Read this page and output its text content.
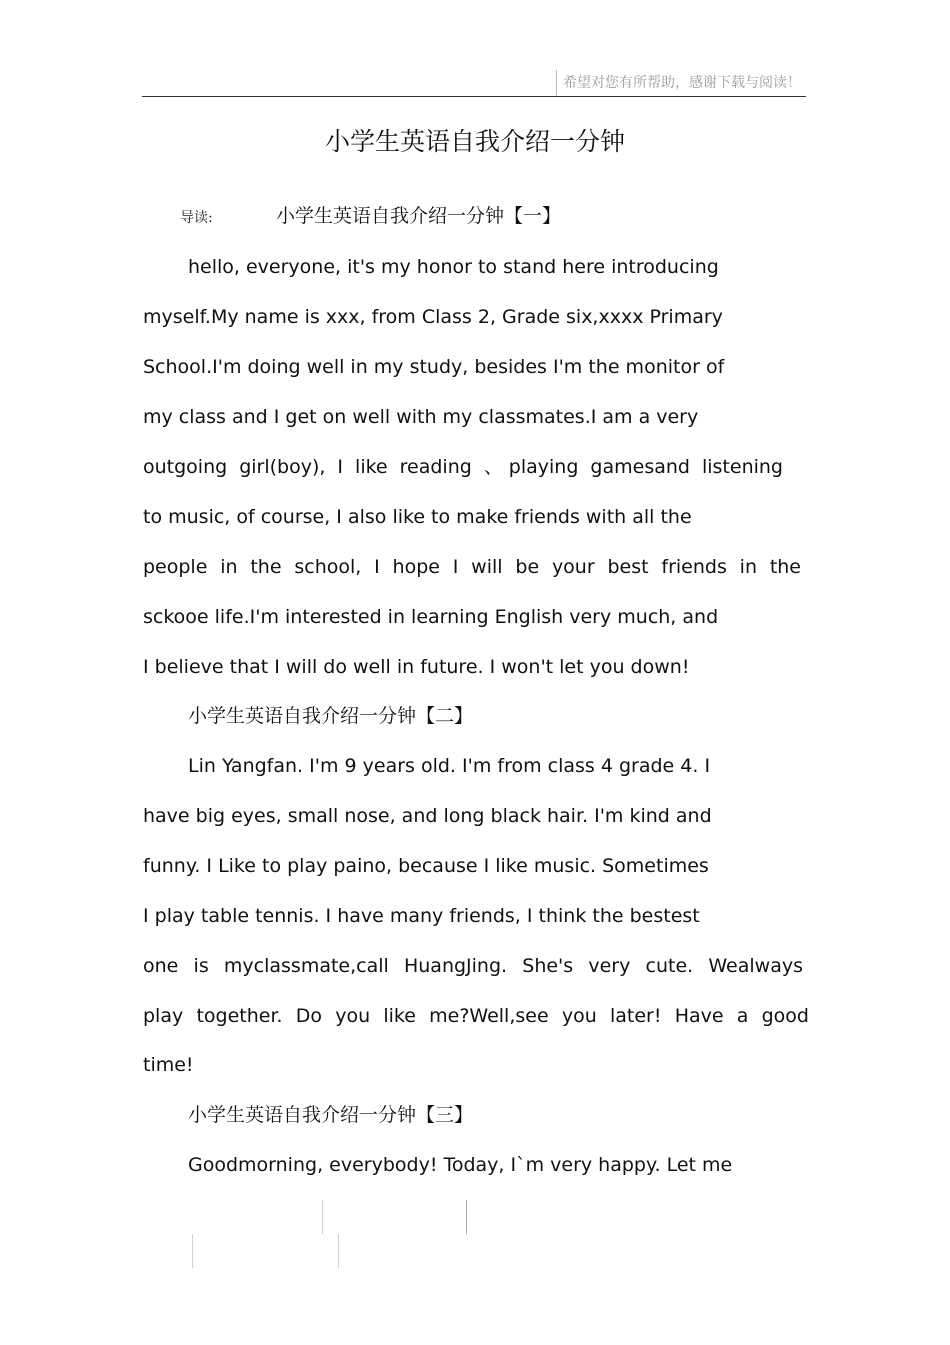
希望对您有所帮助，感谢下载与阅读！
小学生英语自我介绍一分钟
导读:	小学生英语自我介绍一分钟【一】
hello, everyone, it's my honor to stand here introducing
myself.My name is xxx, from Class 2, Grade six,xxxx Primary
School.I'm doing well in my study, besides I'm the monitor of
my class and I get on well with my classmates.I am a very
outgoing girl(boy), I like reading 、playing gamesand listening
to music, of course, I also like to make friends with all the
people in the school, I hope I will be your best friends in the
sckooe life.I'm interested in learning English very much, and
I believe that I will do well in future. I won't let you down!
小学生英语自我介绍一分钟【二】
Lin Yangfan. I'm 9 years old. I'm from class 4 grade 4. I
have big eyes, small nose, and long black hair. I'm kind and
funny. I Like to play paino, because I like music. Sometimes
I play table tennis. I have many friends, I think the bestest
one is myclassmate,call HuangJing. She's very cute. Wealways
play together. Do you like me?Well,see you later! Have a good
time!
小学生英语自我介绍一分钟【三】
Goodmorning, everybody! Today, I`m very happy. Let me
